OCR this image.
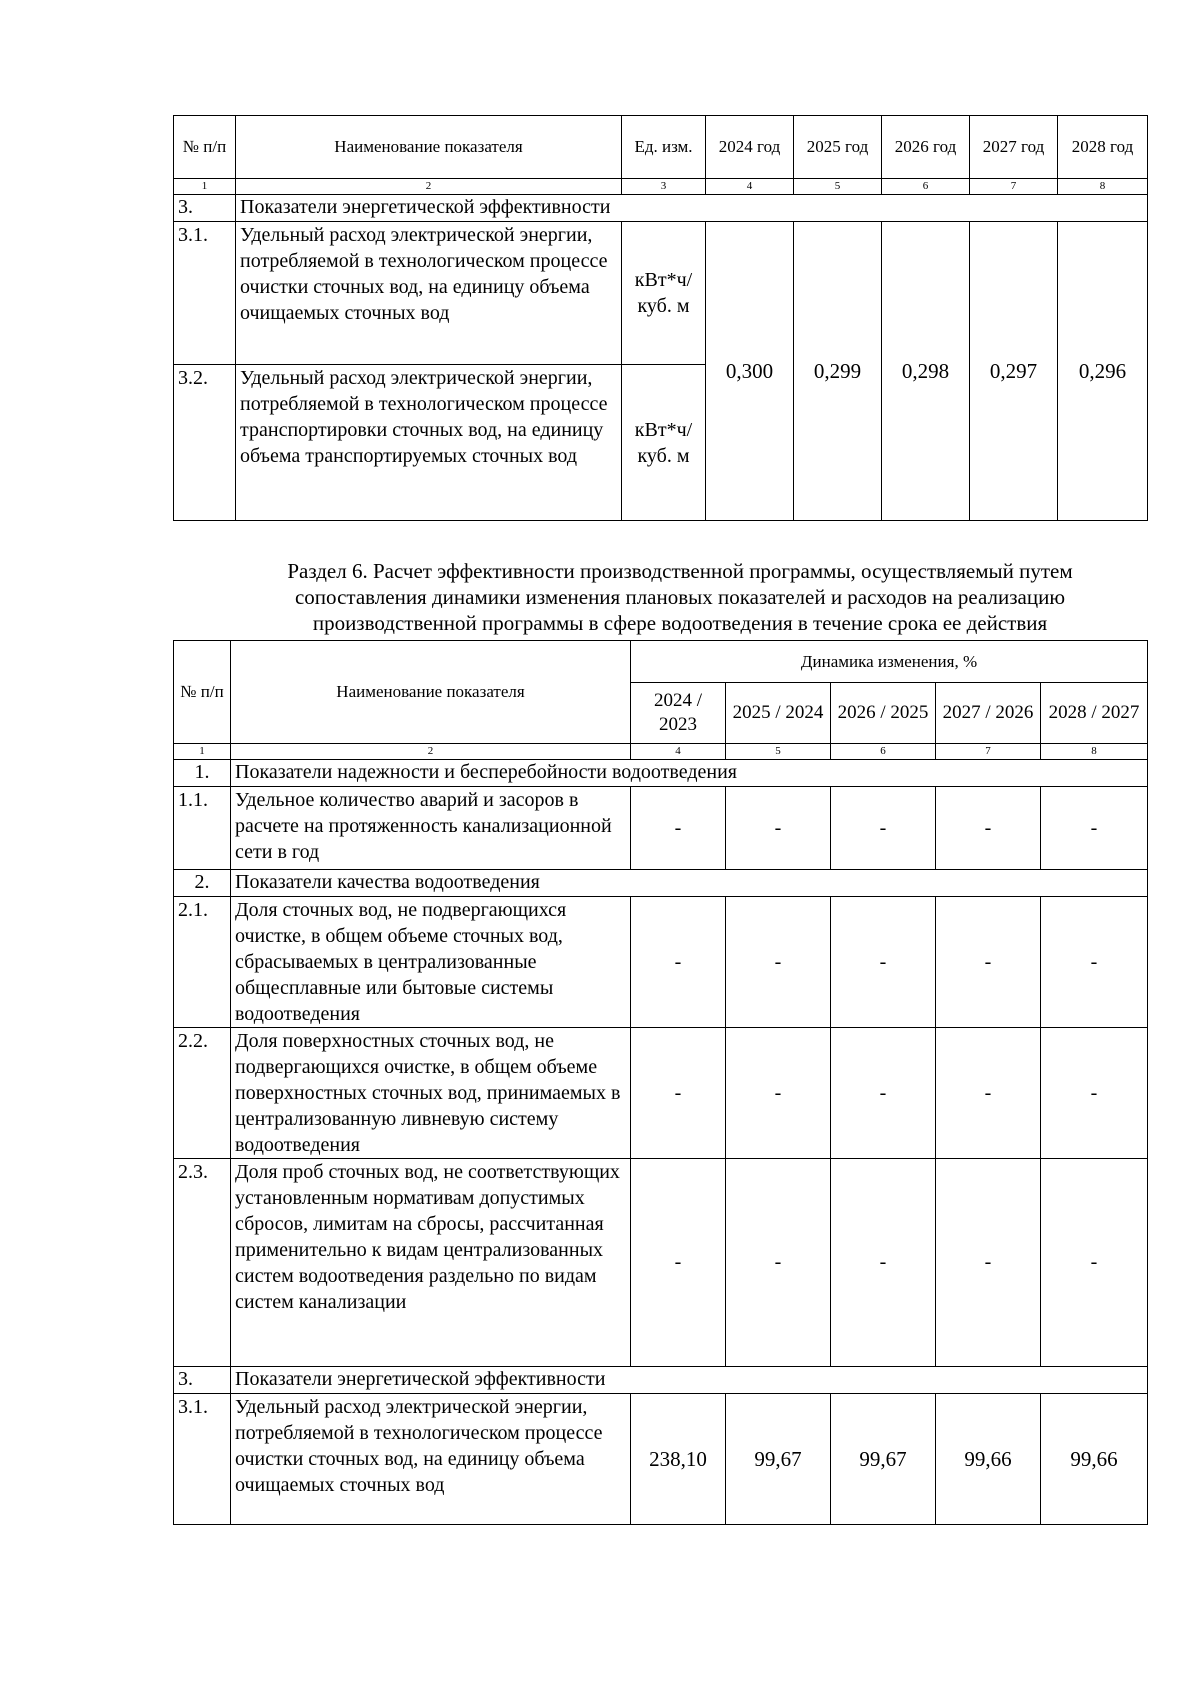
№ п/п	Наименование показателя	Ед. изм.	2024 год	2025 год	2026 год	2027 год	2028 год
1	2	3	4	5	6	7	8
3.	Показатели энергетической эффективности						
3.1.	Удельный расход электрической энергии, потребляемой в технологическом процессе очистки сточных вод, на единицу объема очищаемых сточных вод	кВт*ч/ куб. м	0,300	0,299	0,298	0,297	0,296
3.2.	Удельный расход электрической энергии, потребляемой в технологическом процессе транспортировки сточных вод, на единицу объема транспортируемых сточных вод	кВт*ч/ куб. м					
Раздел 6. Расчет эффективности производственной программы, осуществляемый путем
сопоставления динамики изменения плановых показателей и расходов на реализацию
производственной программы в сфере водоотведения в течение срока ее действия
№ п/п	Наименование показателя	Динамика изменения, %				
		2024 / 2023	2025 / 2024	2026 / 2025	2027 / 2026	2028 / 2027
1	2	4	5	6	7	8
1.	Показатели надежности и бесперебойности водоотведения					
1.1.	Удельное количество аварий и засоров в расчете на протяженность канализационной сети в год	-	-	-	-	-
2.	Показатели качества водоотведения					
2.1.	Доля сточных вод, не подвергающихся очистке, в общем объеме сточных вод, сбрасываемых в централизованные общесплавные или бытовые системы водоотведения	-	-	-	-	-
2.2.	Доля поверхностных сточных вод, не подвергающихся очистке, в общем объеме поверхностных сточных вод, принимаемых в централизованную ливневую систему водоотведения	-	-	-	-	-
2.3.	Доля проб сточных вод, не соответствующих установленным нормативам допустимых сбросов, лимитам на сбросы, рассчитанная применительно к видам централизованных систем водоотведения раздельно по видам систем канализации	-	-	-	-	-
3.	Показатели энергетической эффективности					
3.1.	Удельный расход электрической энергии, потребляемой в технологическом процессе очистки сточных вод, на единицу объема очищаемых сточных вод	238,10	99,67	99,67	99,66	99,66
